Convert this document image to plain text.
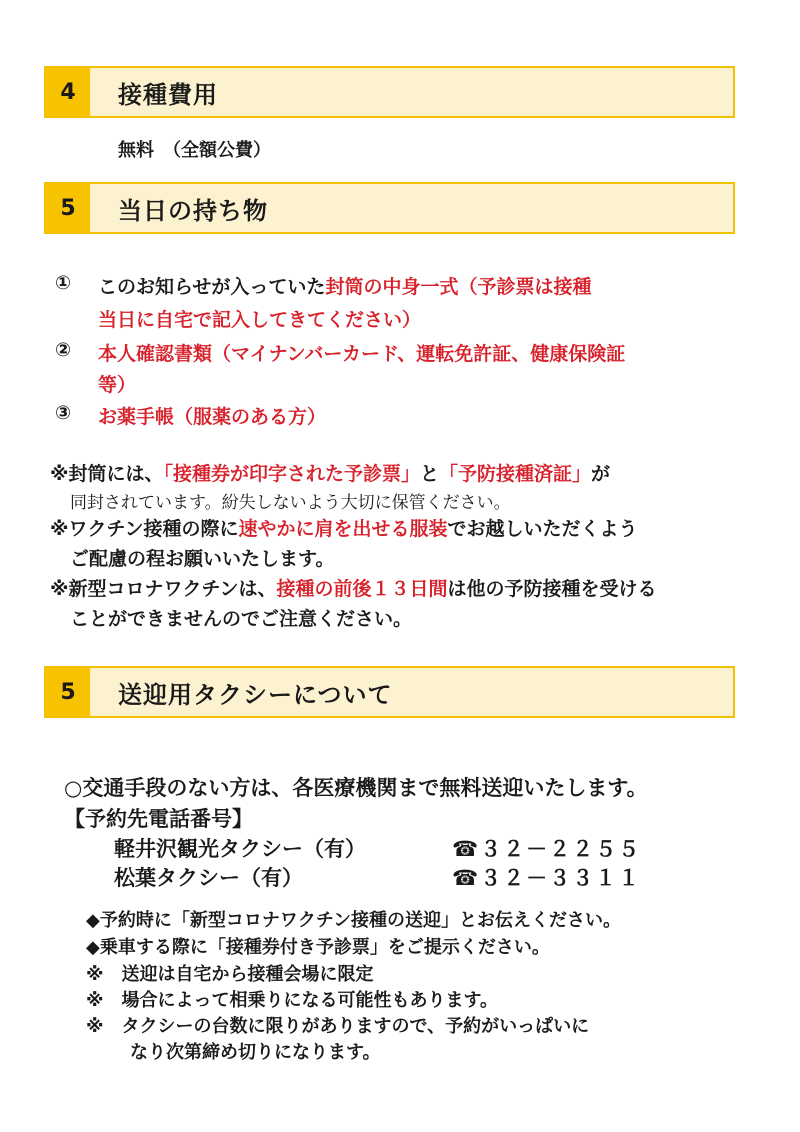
4	接種費用
無料　（全額公費）
5	当日の持ち物
① このお知らせが入っていた封筒の中身一式（予診票は接種
当日に自宅で記入してきてください）
② 本人確認書類（マイナンバーカード、運転免許証、健康保険証
等）
③ お薬手帳（服薬のある方）
※封筒には、「接種券が印字された予診票」と「予防接種済証」が
同封されています。紛失しないよう大切に保管ください。
※ワクチン接種の際に速やかに肩を出せる服装でお越しいただくよう
ご配慮の程お願いいたします。
※新型コロナワクチンは、接種の前後１３日間は他の予防接種を受ける
ことができませんのでご注意ください。
5	送迎用タクシーについて
○交通手段のない方は、各医療機関まで無料送迎いたします。
【予約先電話番号】
軽井沢観光タクシー（有）	☎３２－２２５５
松葉タクシー（有）	☎３２－３３１１
◆予約時に「新型コロナワクチン接種の送迎」とお伝えください。
◆乗車する際に「接種券付き予診票」をご提示ください。
※　送迎は自宅から接種会場に限定
※　場合によって相乗りになる可能性もあります。
※　タクシーの台数に限りがありますので、予約がいっぱいに
なり次第締め切りになります。
